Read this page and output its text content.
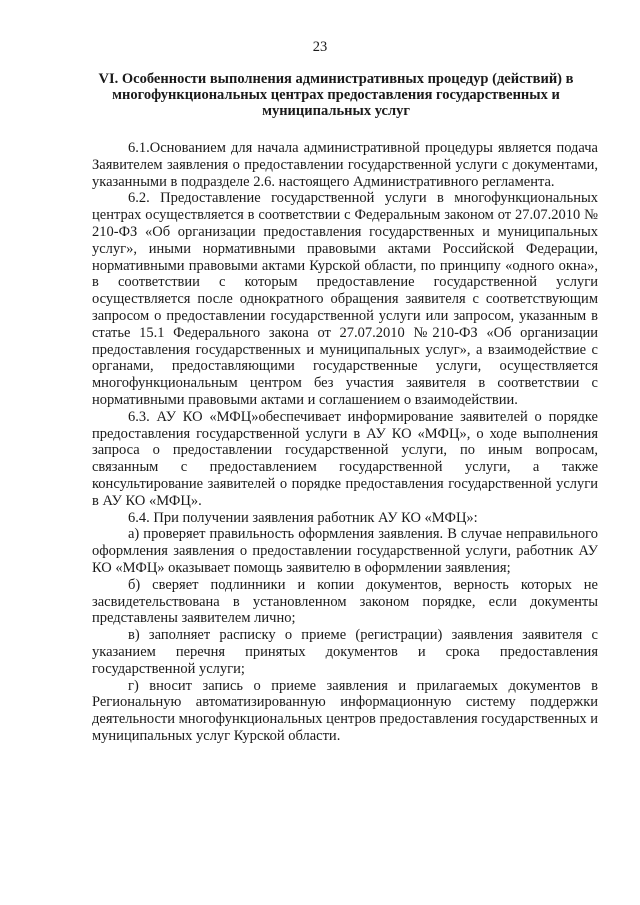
23
VI. Особенности выполнения административных процедур (действий) в многофункциональных центрах предоставления государственных и муниципальных услуг

6.1.Основанием для начала административной процедуры является подача Заявителем заявления о предоставлении государственной услуги с документами, указанными в подразделе 2.6. настоящего Административного регламента.

6.2. Предоставление государственной услуги в многофункциональных центрах осуществляется в соответствии с Федеральным законом от 27.07.2010 № 210-ФЗ «Об организации предоставления государственных и муниципальных услуг», иными нормативными правовыми актами Российской Федерации, нормативными правовыми актами Курской области, по принципу «одного окна», в соответствии с которым предоставление государственной услуги осуществляется после однократного обращения заявителя с соответствующим запросом о предоставлении государственной услуги или запросом, указанным в статье 15.1 Федерального закона от 27.07.2010 №210-ФЗ «Об организации предоставления государственных и муниципальных услуг», а взаимодействие с органами, предоставляющими государственные услуги, осуществляется многофункциональным центром без участия заявителя в соответствии с нормативными правовыми актами и соглашением о взаимодействии.

6.3. АУ КО «МФЦ»обеспечивает информирование заявителей о порядке предоставления государственной услуги в АУ КО «МФЦ», о ходе выполнения запроса о предоставлении государственной услуги, по иным вопросам, связанным с предоставлением государственной услуги, а также консультирование заявителей о порядке предоставления государственной услуги в АУ КО «МФЦ».

6.4. При получении заявления работник АУ КО «МФЦ»:

а) проверяет правильность оформления заявления. В случае неправильного оформления заявления о предоставлении государственной услуги, работник АУ КО «МФЦ» оказывает помощь заявителю в оформлении заявления;

б) сверяет подлинники и копии документов, верность которых не засвидетельствована в установленном законом порядке, если документы представлены заявителем лично;

в) заполняет расписку о приеме (регистрации) заявления заявителя с указанием перечня принятых документов и срока предоставления государственной услуги;

г) вносит запись о приеме заявления и прилагаемых документов в Региональную автоматизированную информационную систему поддержки деятельности многофункциональных центров предоставления государственных и муниципальных услуг Курской области.
